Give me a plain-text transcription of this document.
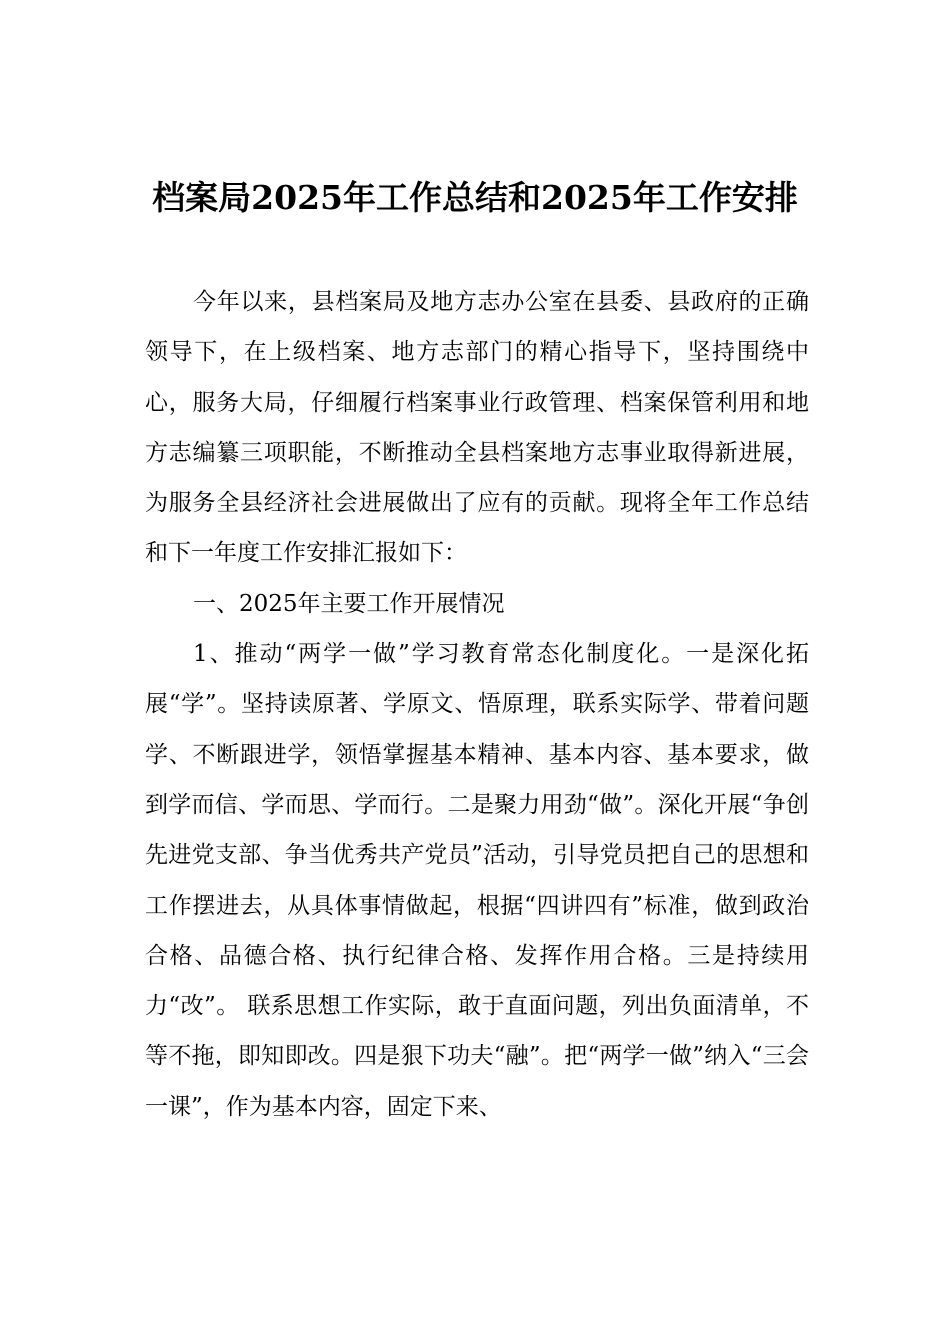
档案局2025年工作总结和2025年工作安排

今年以来，县档案局及地方志办公室在县委、县政府的正确领导下，在上级档案、地方志部门的精心指导下，坚持围绕中心，服务大局，仔细履行档案事业行政管理、档案保管利用和地方志编纂三项职能，不断推动全县档案地方志事业取得新进展，为服务全县经济社会进展做出了应有的贡献。现将全年工作总结和下一年度工作安排汇报如下：

一、2025年主要工作开展情况

1、推动“两学一做”学习教育常态化制度化。一是深化拓展“学”。坚持读原著、学原文、悟原理，联系实际学、带着问题学、不断跟进学，领悟掌握基本精神、基本内容、基本要求，做到学而信、学而思、学而行。二是聚力用劲“做”。深化开展“争创先进党支部、争当优秀共产党员”活动，引导党员把自己的思想和工作摆进去，从具体事情做起，根据“四讲四有”标准，做到政治合格、品德合格、执行纪律合格、发挥作用合格。三是持续用力“改”。 联系思想工作实际，敢于直面问题，列出负面清单，不等不拖，即知即改。四是狠下功夫“融”。把“两学一做”纳入“三会一课”，作为基本内容，固定下来、
